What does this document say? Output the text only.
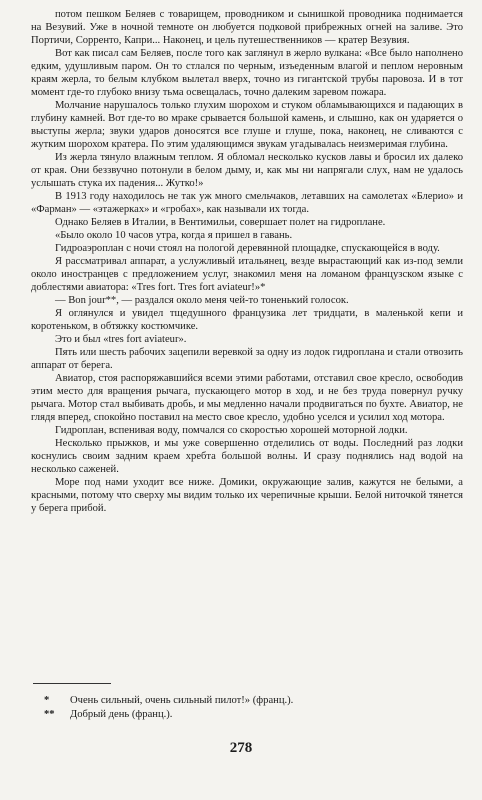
потом пешком Беляев с товарищем, проводником и сынишкой проводника поднимается на Везувий. Уже в ночной темноте он любуется подковой прибрежных огней на заливе. Это Портичи, Сорренто, Капри... Наконец, и цель путешественников — кратер Везувия.

Вот как писал сам Беляев, после того как заглянул в жерло вулкана: «Все было наполнено едким, удушливым паром. Он то стлался по черным, изъеденным влагой и пеплом неровным краям жерла, то белым клубком вылетал вверх, точно из гигантской трубы паровоза. И в тот момент где-то глубоко внизу тьма освещалась, точно далеким заревом пожара.

Молчание нарушалось только глухим шорохом и стуком обламывающихся и падающих в глубину камней. Вот где-то во мраке срывается большой камень, и слышно, как он ударяется о выступы жерла; звуки ударов доносятся все глуше и глуше, пока, наконец, не сливаются с жутким шорохом кратера. По этим удаляющимся звукам угадывалась неизмеримая глубина.

Из жерла тянуло влажным теплом. Я обломал несколько кусков лавы и бросил их далеко от края. Они беззвучно потонули в белом дыму, и, как мы ни напрягали слух, нам не удалось услышать стука их падения... Жутко!»

В 1913 году находилось не так уж много смельчаков, летавших на самолетах «Блерио» и «Фарман» — «этажерках» и «гробах», как называли их тогда.

Однако Беляев в Италии, в Вентимильи, совершает полет на гидроплане.

«Было около 10 часов утра, когда я пришел в гавань.

Гидроаэроплан с ночи стоял на пологой деревянной площадке, спускающейся в воду.

Я рассматривал аппарат, а услужливый итальянец, везде вырастающий как из-под земли около иностранцев с предложением услуг, знакомил меня на ломаном французском языке с доблестями авиатора: «Tres fort. Tres fort aviateur!»*

— Bon jour**, — раздался около меня чей-то тоненький голосок.

Я оглянулся и увидел тщедушного французика лет тридцати, в маленькой кепи и коротеньком, в обтяжку костюмчике.

Это и был «tres fort aviateur».

Пять или шесть рабочих зацепили веревкой за одну из лодок гидроплана и стали отвозить аппарат от берега.

Авиатор, стоя распоряжавшийся всеми этими работами, отставил свое кресло, освободив этим место для вращения рычага, пускающего мотор в ход, и не без труда повернул ручку рычага. Мотор стал выбивать дробь, и мы медленно начали продвигаться по бухте. Авиатор, не глядя вперед, спокойно поставил на место свое кресло, удобно уселся и усилил ход мотора.

Гидроплан, вспенивая воду, помчался со скоростью хорошей моторной лодки.

Несколько прыжков, и мы уже совершенно отделились от воды. Последний раз лодки коснулись своим задним краем хребта большой волны. И сразу поднялись над водой на несколько саженей.

Море под нами уходит все ниже. Домики, окружающие залив, кажутся не белыми, а красными, потому что сверху мы видим только их черепичные крыши. Белой ниточкой тянется у берега прибой.

* Очень сильный, очень сильный пилот!» (франц.).

** Добрый день (франц.).

278
